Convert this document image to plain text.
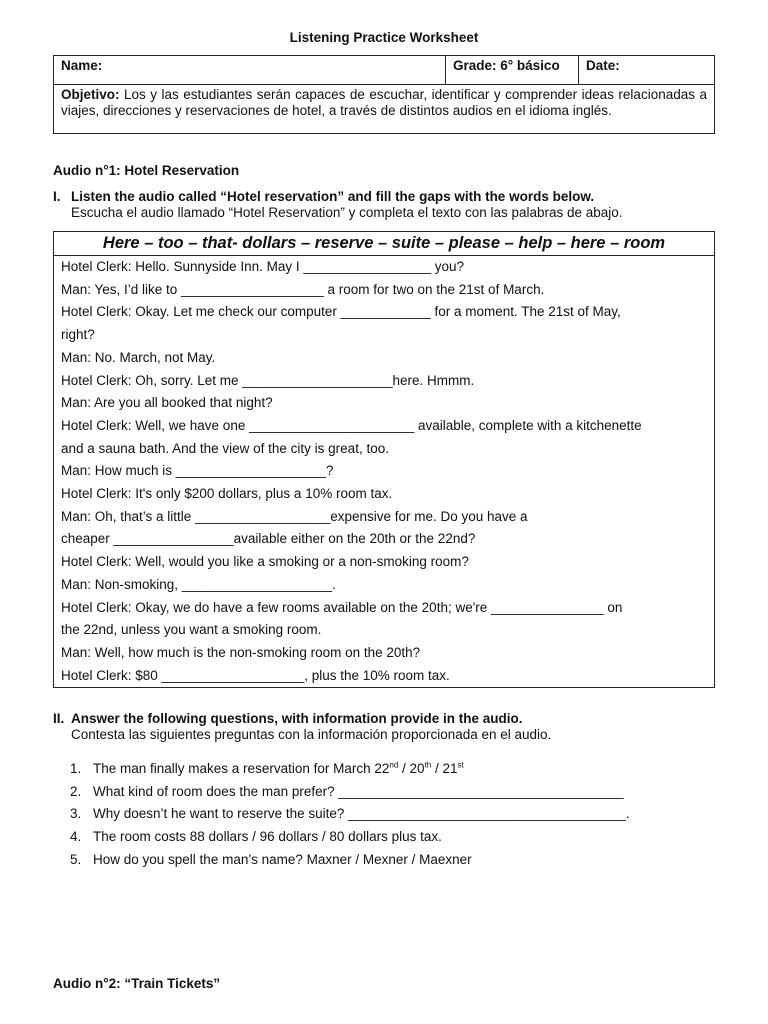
Listening Practice Worksheet
Name:	Grade: 6° básico	Date:
Objetivo: Los y las estudiantes serán capaces de escuchar, identificar y comprender ideas relacionadas a viajes, direcciones y reservaciones de hotel, a través de distintos audios en el idioma inglés.
Audio n°1: Hotel Reservation
I. Listen the audio called “Hotel reservation” and fill the gaps with the words below.
Escucha el audio llamado “Hotel Reservation” y completa el texto con las palabras de abajo.
Here – too – that- dollars – reserve – suite – please – help – here – room
Hotel Clerk: Hello. Sunnyside Inn. May I _________________ you?
Man: Yes, I’d like to ___________________ a room for two on the 21st of March.
Hotel Clerk: Okay. Let me check our computer ____________ for a moment. The 21st of May,
right?
Man: No. March, not May.
Hotel Clerk: Oh, sorry. Let me ____________________here. Hmmm.
Man: Are you all booked that night?
Hotel Clerk: Well, we have one ______________________ available, complete with a kitchenette
and a sauna bath. And the view of the city is great, too.
Man: How much is ____________________?
Hotel Clerk: It's only $200 dollars, plus a 10% room tax.
Man: Oh, that’s a little __________________expensive for me. Do you have a
cheaper ________________available either on the 20th or the 22nd?
Hotel Clerk: Well, would you like a smoking or a non-smoking room?
Man: Non-smoking, ____________________.
Hotel Clerk: Okay, we do have a few rooms available on the 20th; we're _______________ on
the 22nd, unless you want a smoking room.
Man: Well, how much is the non-smoking room on the 20th?
Hotel Clerk: $80 ___________________, plus the 10% room tax.
II. Answer the following questions, with information provide in the audio.
Contesta las siguientes preguntas con la información proporcionada en el audio.
1. The man finally makes a reservation for March 22nd / 20th / 21st
2. What kind of room does the man prefer? ______________________________________
3. Why doesn’t he want to reserve the suite? _____________________________________.
4. The room costs 88 dollars / 96 dollars / 80 dollars plus tax.
5. How do you spell the man’s name? Maxner / Mexner / Maexner
Audio n°2: “Train Tickets”
